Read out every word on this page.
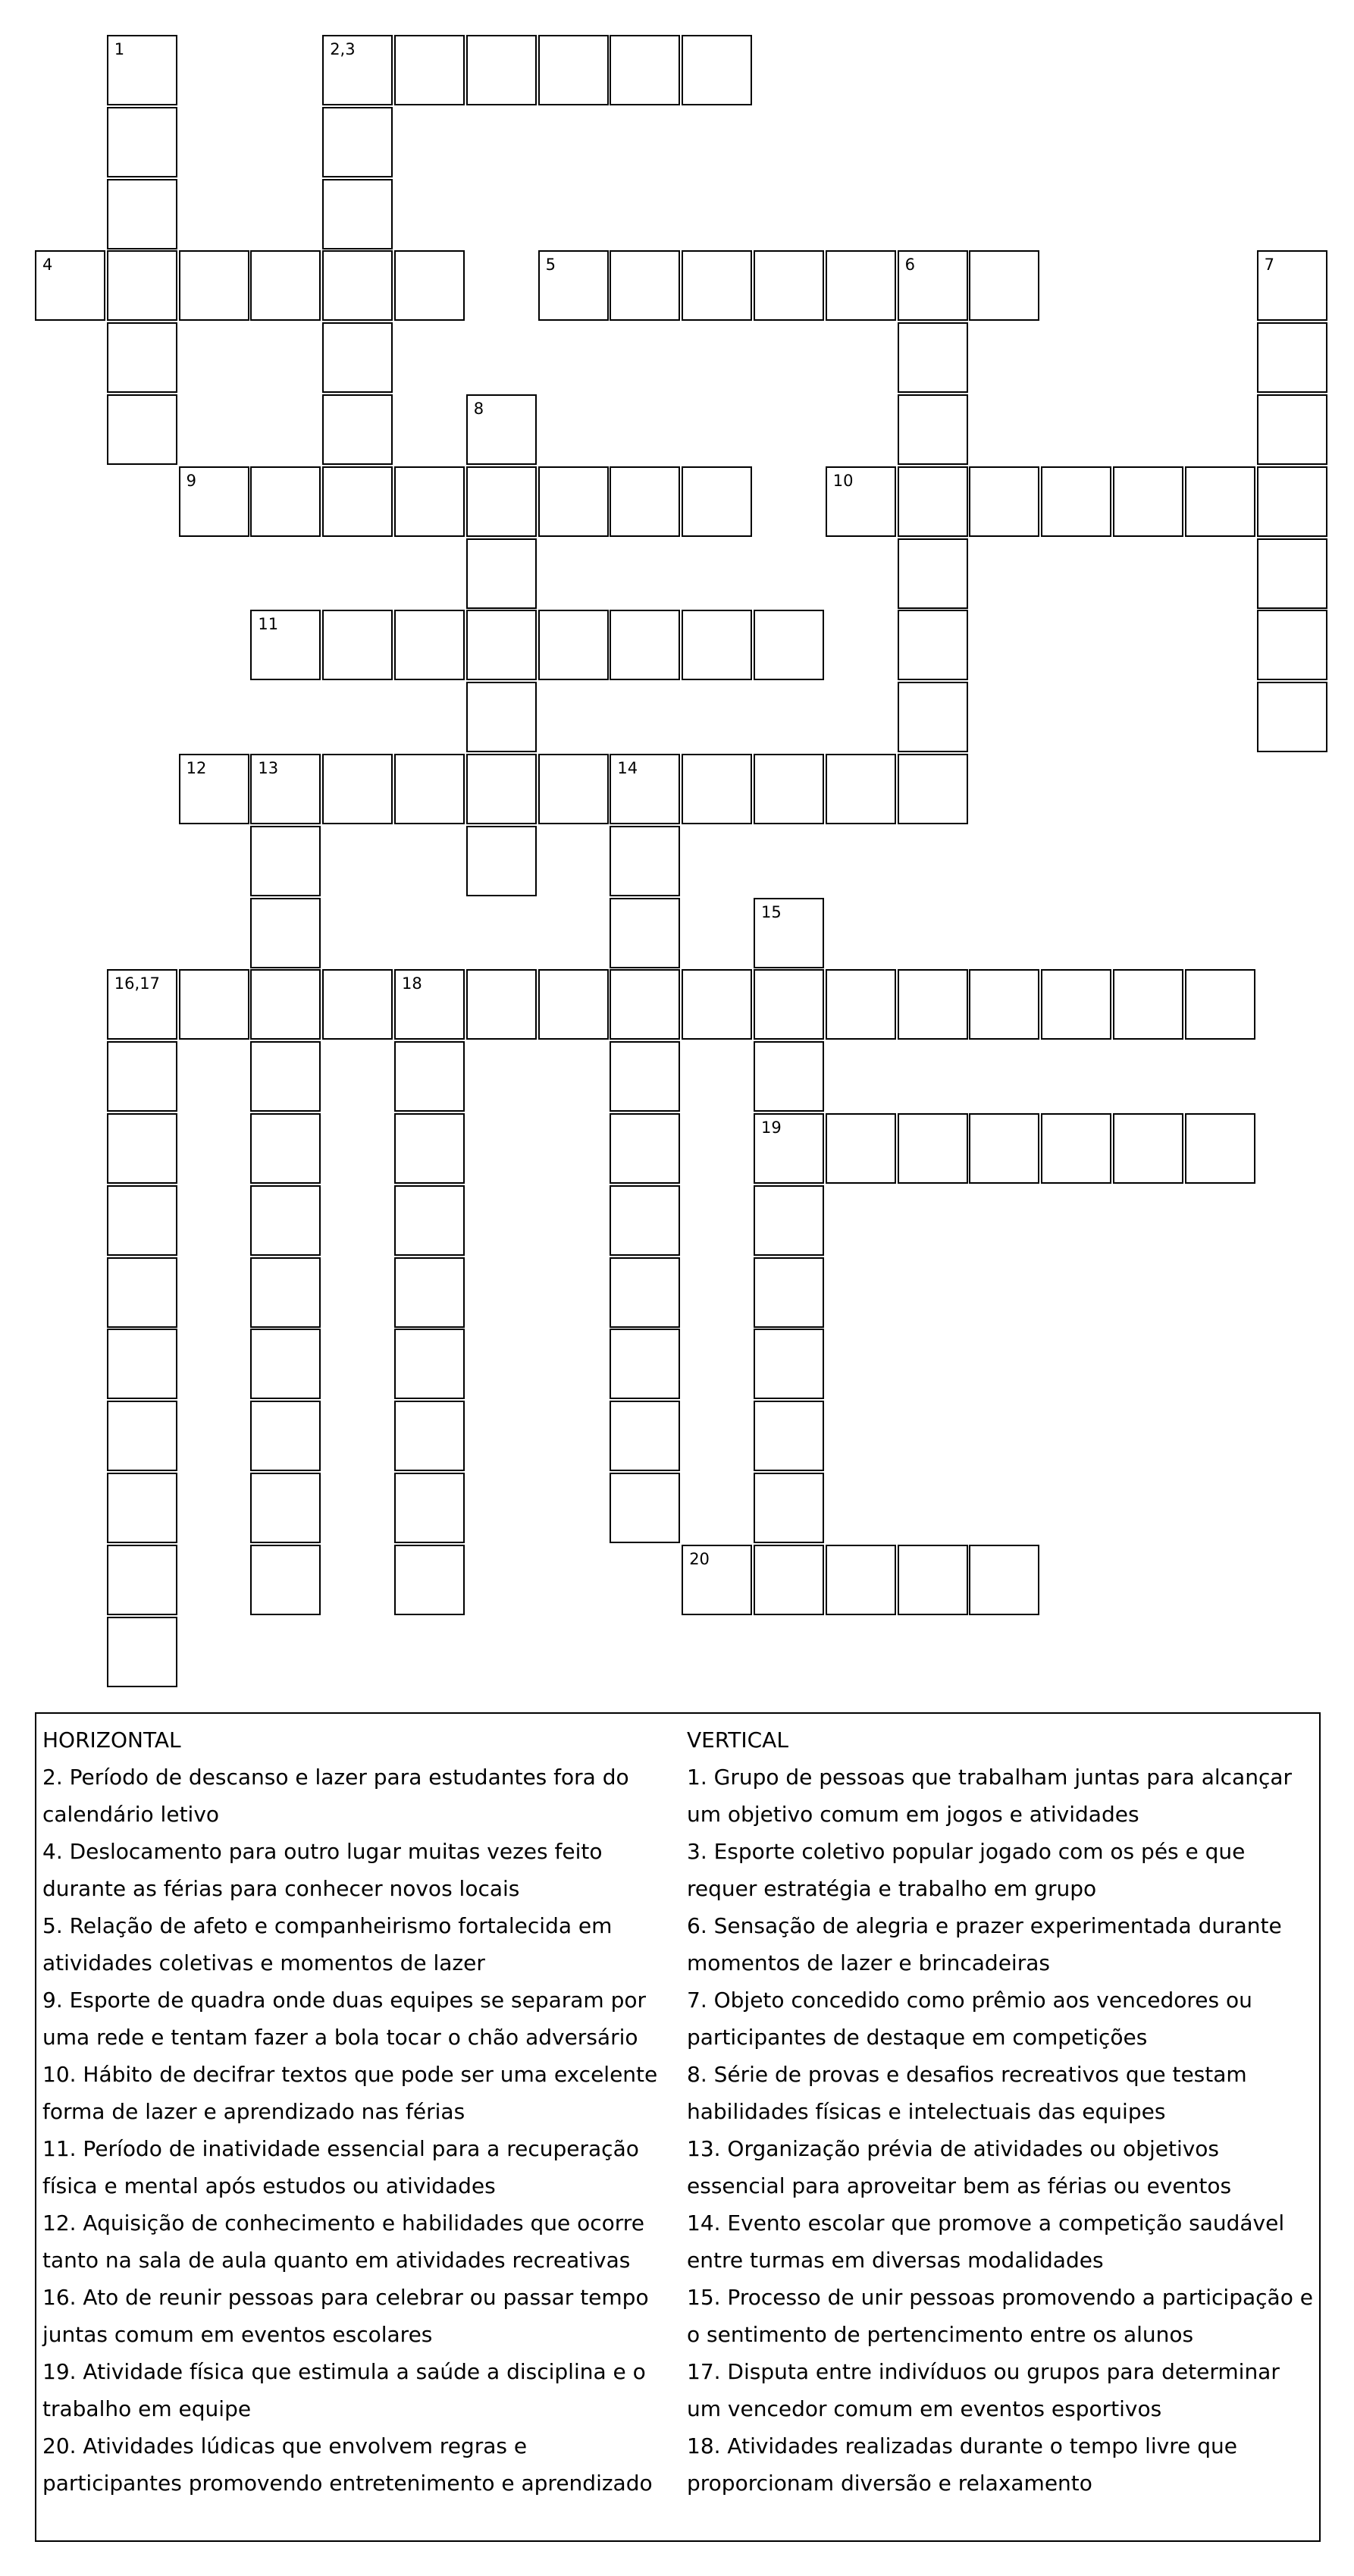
1	2,3
4	5	6	7
8
9	10
11
12	13	14
15
16,17	18
19
20
HORIZONTAL

2. Período de descanso e lazer para estudantes fora do calendário letivo

4. Deslocamento para outro lugar muitas vezes feito durante as férias para conhecer novos locais

5. Relação de afeto e companheirismo fortalecida em atividades coletivas e momentos de lazer

9. Esporte de quadra onde duas equipes se separam por uma rede e tentam fazer a bola tocar o chão adversário

10. Hábito de decifrar textos que pode ser uma excelente forma de lazer e aprendizado nas férias

11. Período de inatividade essencial para a recuperação física e mental após estudos ou atividades

12. Aquisição de conhecimento e habilidades que ocorre tanto na sala de aula quanto em atividades recreativas

16. Ato de reunir pessoas para celebrar ou passar tempo juntas comum em eventos escolares

19. Atividade física que estimula a saúde a disciplina e o trabalho em equipe

20. Atividades lúdicas que envolvem regras e participantes promovendo entretenimento e aprendizado

VERTICAL

1. Grupo de pessoas que trabalham juntas para alcançar um objetivo comum em jogos e atividades

3. Esporte coletivo popular jogado com os pés e que requer estratégia e trabalho em grupo

6. Sensação de alegria e prazer experimentada durante momentos de lazer e brincadeiras

7. Objeto concedido como prêmio aos vencedores ou participantes de destaque em competições

8. Série de provas e desafios recreativos que testam habilidades físicas e intelectuais das equipes

13. Organização prévia de atividades ou objetivos essencial para aproveitar bem as férias ou eventos

14. Evento escolar que promove a competição saudável entre turmas em diversas modalidades

15. Processo de unir pessoas promovendo a participação e o sentimento de pertencimento entre os alunos

17. Disputa entre indivíduos ou grupos para determinar um vencedor comum em eventos esportivos

18. Atividades realizadas durante o tempo livre que proporcionam diversão e relaxamento
